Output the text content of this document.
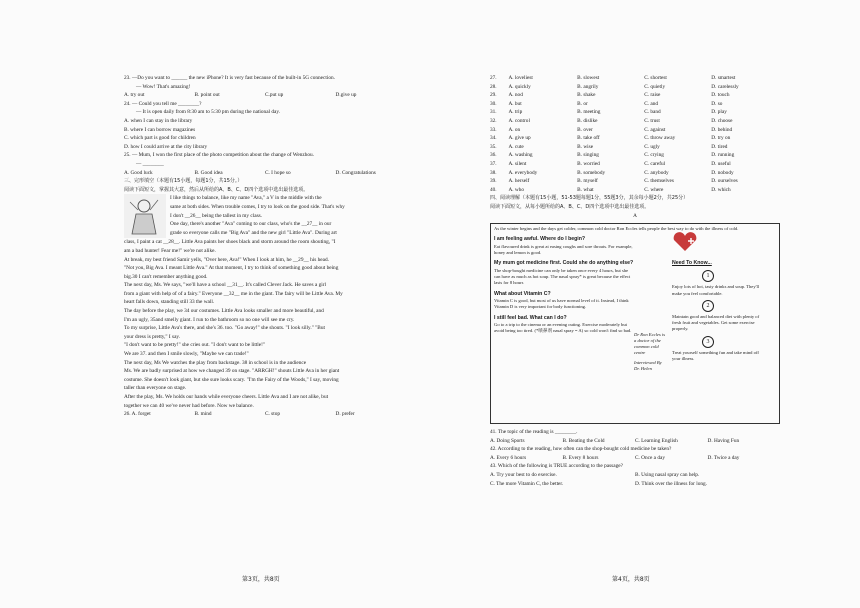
23. —Do you want to ______ the new iPhone? It is very fast because of the built-in 5G connection.
— Wow! That's amazing!
A. try out	B. point out	C.put up	D.give up
24. — Could you tell me ________?
— It is open daily from 8:30 am to 5:30 pm during the national day.
A. when I can stay in the library
B. where I can borrow magazines
C. which part is good for children
D. how I could arrive at the city library
25. — Mum, I won the first place of the photo competition about the change of Wenzhou.
— ________
A. Good luck	B. Good idea	C. I hope so	D. Congratulations
三、完形填空（本题有15小题，每题1分，共15分。）
阅读下面短文，掌握其大意，然后从所给的A、B、C、D四个选项中选出最佳选项。
I like things to balance, like my name "Ava," a V in the middle with the
same at both sides. When trouble comes, I try to look on the good side. That's why
I don't __26__ being the tallest in my class.
One day, there's another "Ava" coming to our class, who's the __27__ in our
grade so everyone calls me "Big Ava" and the new girl "Little Ava". During art
class, I paint a cat __28__. Little Ava paints her shoes black and storm around the room shouting, "I
am a bad hunter! Fear me!" we're not alike.
At break, my best friend Samir yells, "Over here, Ava!" When I look at him, he __29__ his head.
"Not you, Big Ava. I meant Little Ava." At that moment, I try to think of something good about being
big.30 I can't remember anything good.
The next day, Ms. We says, "we'll have a school __31__. It's called Clever Jack. He saves a girl
from a giant with help of of a fairy." Everyone __32__ me in the giant. The fairy will be Little Ava. My
heart falls down, standing still 33 the wall.
The day before the play, we 34 our costumes. Little Ava looks smaller and more beautiful, and
I'm an ugly, 35and smelly giant. I run to the bathroom so no one will see me cry.
To my surprise, Little Ava's there, and she's 36. too. "Go away!" she shouts. "I look silly." "But
your dress is pretty," I say.
"I don't want to be pretty!" she cries out. "I don't want to be little!"
We are 37. and then I smile slowly, "Maybe we can trade!"
The next day, Ms We watches the play from backstage. 38 in school is in the audience
Ms. We are badly surprised at how we changed 39 on stage. "ARRGH!" shouts Little Ava in her giant
costume. She doesn't look giant, but she sure looks scary. "I'm the Fairy of the Woods," I say, moving
taller than everyone on stage.
After the play, Ms. We holds our hands while everyone cheers. Little Ava and I are not alike, but
together we can 40 we've never had before. Now we balance.
26. A. forget	B. mind	C. stop	D. prefer
第3页，共8页
27.	A. loveliest	B. slowest	C. shortest	D. smartest
28.	A. quickly	B. angrily	C. quietly	D. carelessly
29.	A. nod	B. shake	C. raise	D. touch
30.	A. but	B. or	C. and	D. so
31.	A. trip	B. meeting	C. band	D. play
32.	A. control	B. dislike	C. trust	D. choose
33.	A. on	B. over	C. against	D. behind
34.	A. give up	B. take off	C. throw away	D. try on
35.	A. cute	B. wise	C. ugly	D. tired
36.	A. washing	B. singing	C. crying	D. running
37.	A. silent	B. worried	C. careful	D. useful
38.	A. everybody	B. somebody	C. anybody	D. nobody
39.	A. herself	B. myself	C. themselves	D. ourselves
40.	A. who	B. what	C. where	D. which
四、阅读理解（本题有15小题，51-53题每题1分，55题3分，其余每小题2分，共25分）
阅读下面短文，从每小题所给的A、B、C、D四个选项中选出最佳选项。
A
As the winter begins and the days get colder, common cold doctor Ron Eccles tells people the best way to do with the illness of cold.
I am feeling awful. Where do I begin?
Eat flavoured drink is great at easing coughs and sore throats. For example, honey and lemon is good.
My mum got medicine first. Could she do anything else?
The shop-bought medicine can only be taken once every 4 hours, but she can have as much as hot soup. The nasal spray* is great because the effect lasts for 8 hours
What about Vitamin C?
Vitamin C is good, but most of us have normal level of it. Instead, I think Vitamin D is very important for body functioning.
I still feel bad. What can I do?
Go to a trip to the cinema or an evening outing. Exercise moderately but avoid being too tired. (*喷鼻剂 nasal spray = A) so cold won't find so bad.
Dr Ron Eccles is a doctor of the common cold centre
Interviewed By Dr. Helen
Need To Know...
1
Enjoy lots of hot, tasty drinks and soup. They'll make you feel comfortable.
2
Maintain good and balanced diet with plenty of fresh fruit and vegetables. Get some exercise properly.
3
Treat yourself something fun and take mind off your illness.
41. The topic of the reading is ________.
A. Doing Sports	B. Beating the Cold	C. Learning English	D. Having Fun
42. According to the reading, how often can the shop-bought cold medicine be taken?
A. Every 6 hours	B. Every 8 hours	C. Once a day	D. Twice a day
43. Which of the following is TRUE according to the passage?
A. Try your best to do exercise.	B. Using nasal spray can help.
C. The more Vitamin C, the better.	D. Think over the illness for long.
第4页，共8页
